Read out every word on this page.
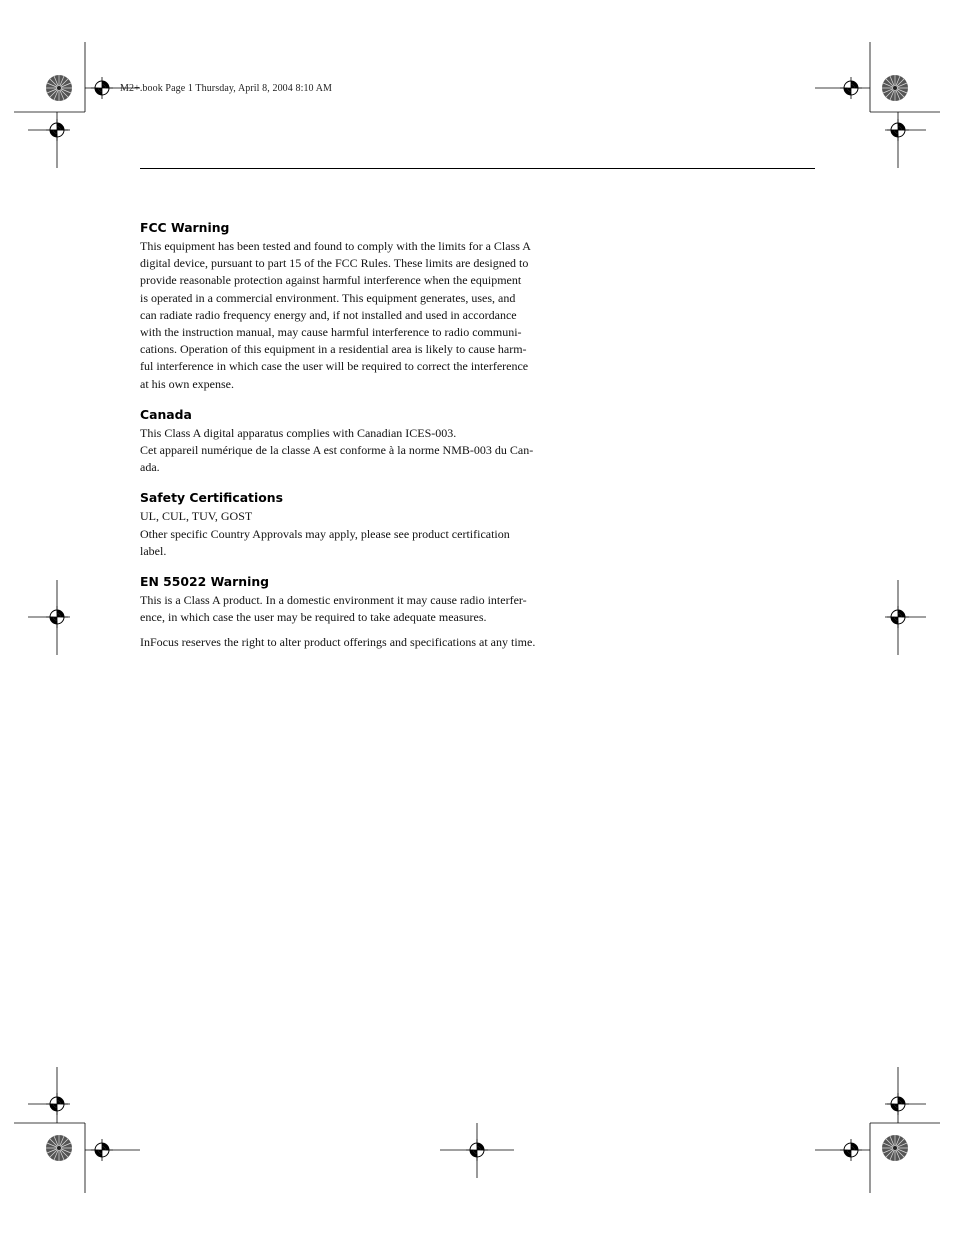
M2+.book Page 1 Thursday, April 8, 2004 8:10 AM
FCC Warning
This equipment has been tested and found to comply with the limits for a Class A
digital device, pursuant to part 15 of the FCC Rules. These limits are designed to
provide reasonable protection against harmful interference when the equipment
is operated in a commercial environment. This equipment generates, uses, and
can radiate radio frequency energy and, if not installed and used in accordance
with the instruction manual, may cause harmful interference to radio communi-
cations. Operation of this equipment in a residential area is likely to cause harm-
ful interference in which case the user will be required to correct the interference
at his own expense.
Canada
This Class A digital apparatus complies with Canadian ICES-003.
Cet appareil numérique de la classe A est conforme à la norme NMB-003 du Can-
ada.
Safety Certifications
UL, CUL, TUV, GOST
Other specific Country Approvals may apply, please see product certification
label.
EN 55022 Warning
This is a Class A product. In a domestic environment it may cause radio interfer-
ence, in which case the user may be required to take adequate measures.
InFocus reserves the right to alter product offerings and specifications at any time.
